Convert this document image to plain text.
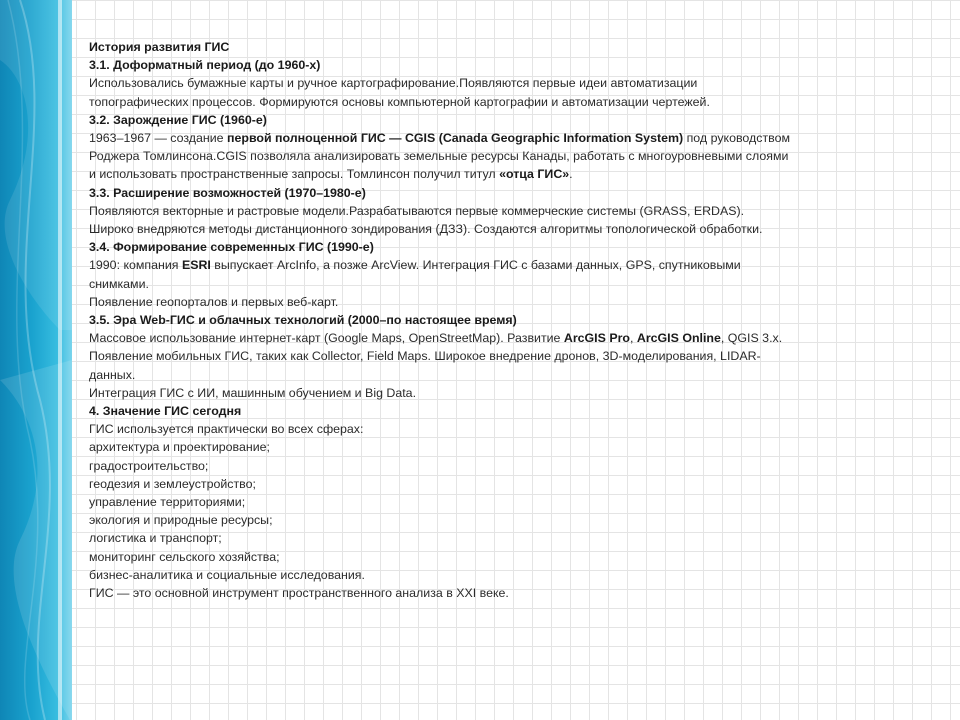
История развития ГИС
3.1. Доформатный период (до 1960-х)
Использовались бумажные карты и ручное картографирование.Появляются первые идеи автоматизации
топографических процессов. Формируются основы компьютерной картографии и автоматизации чертежей.
3.2. Зарождение ГИС (1960-е)
1963–1967 — создание первой полноценной ГИС — CGIS (Canada Geographic Information System) под руководством
Роджера Томлинсона.CGIS позволяла анализировать земельные ресурсы Канады, работать с многоуровневыми слоями
и использовать пространственные запросы. Томлинсон получил титул «отца ГИС».
3.3. Расширение возможностей (1970–1980-е)
Появляются векторные и растровые модели.Разрабатываются первые коммерческие системы (GRASS, ERDAS).
Широко внедряются методы дистанционного зондирования (ДЗЗ). Создаются алгоритмы топологической обработки.
3.4. Формирование современных ГИС (1990-е)
1990: компания ESRI выпускает ArcInfo, а позже ArcView. Интеграция ГИС с базами данных, GPS, спутниковыми
снимками.
Появление геопорталов и первых веб-карт.
3.5. Эра Web-ГИС и облачных технологий (2000–по настоящее время)
Массовое использование интернет-карт (Google Maps, OpenStreetMap). Развитие ArcGIS Pro, ArcGIS Online, QGIS 3.x.
Появление мобильных ГИС, таких как Collector, Field Maps. Широкое внедрение дронов, 3D-моделирования, LIDAR-
данных.
Интеграция ГИС с ИИ, машинным обучением и Big Data.
4. Значение ГИС сегодня
ГИС используется практически во всех сферах:
архитектура и проектирование;
градостроительство;
геодезия и землеустройство;
управление территориями;
экология и природные ресурсы;
логистика и транспорт;
мониторинг сельского хозяйства;
бизнес-аналитика и социальные исследования.
ГИС — это основной инструмент пространственного анализа в XXI веке.
